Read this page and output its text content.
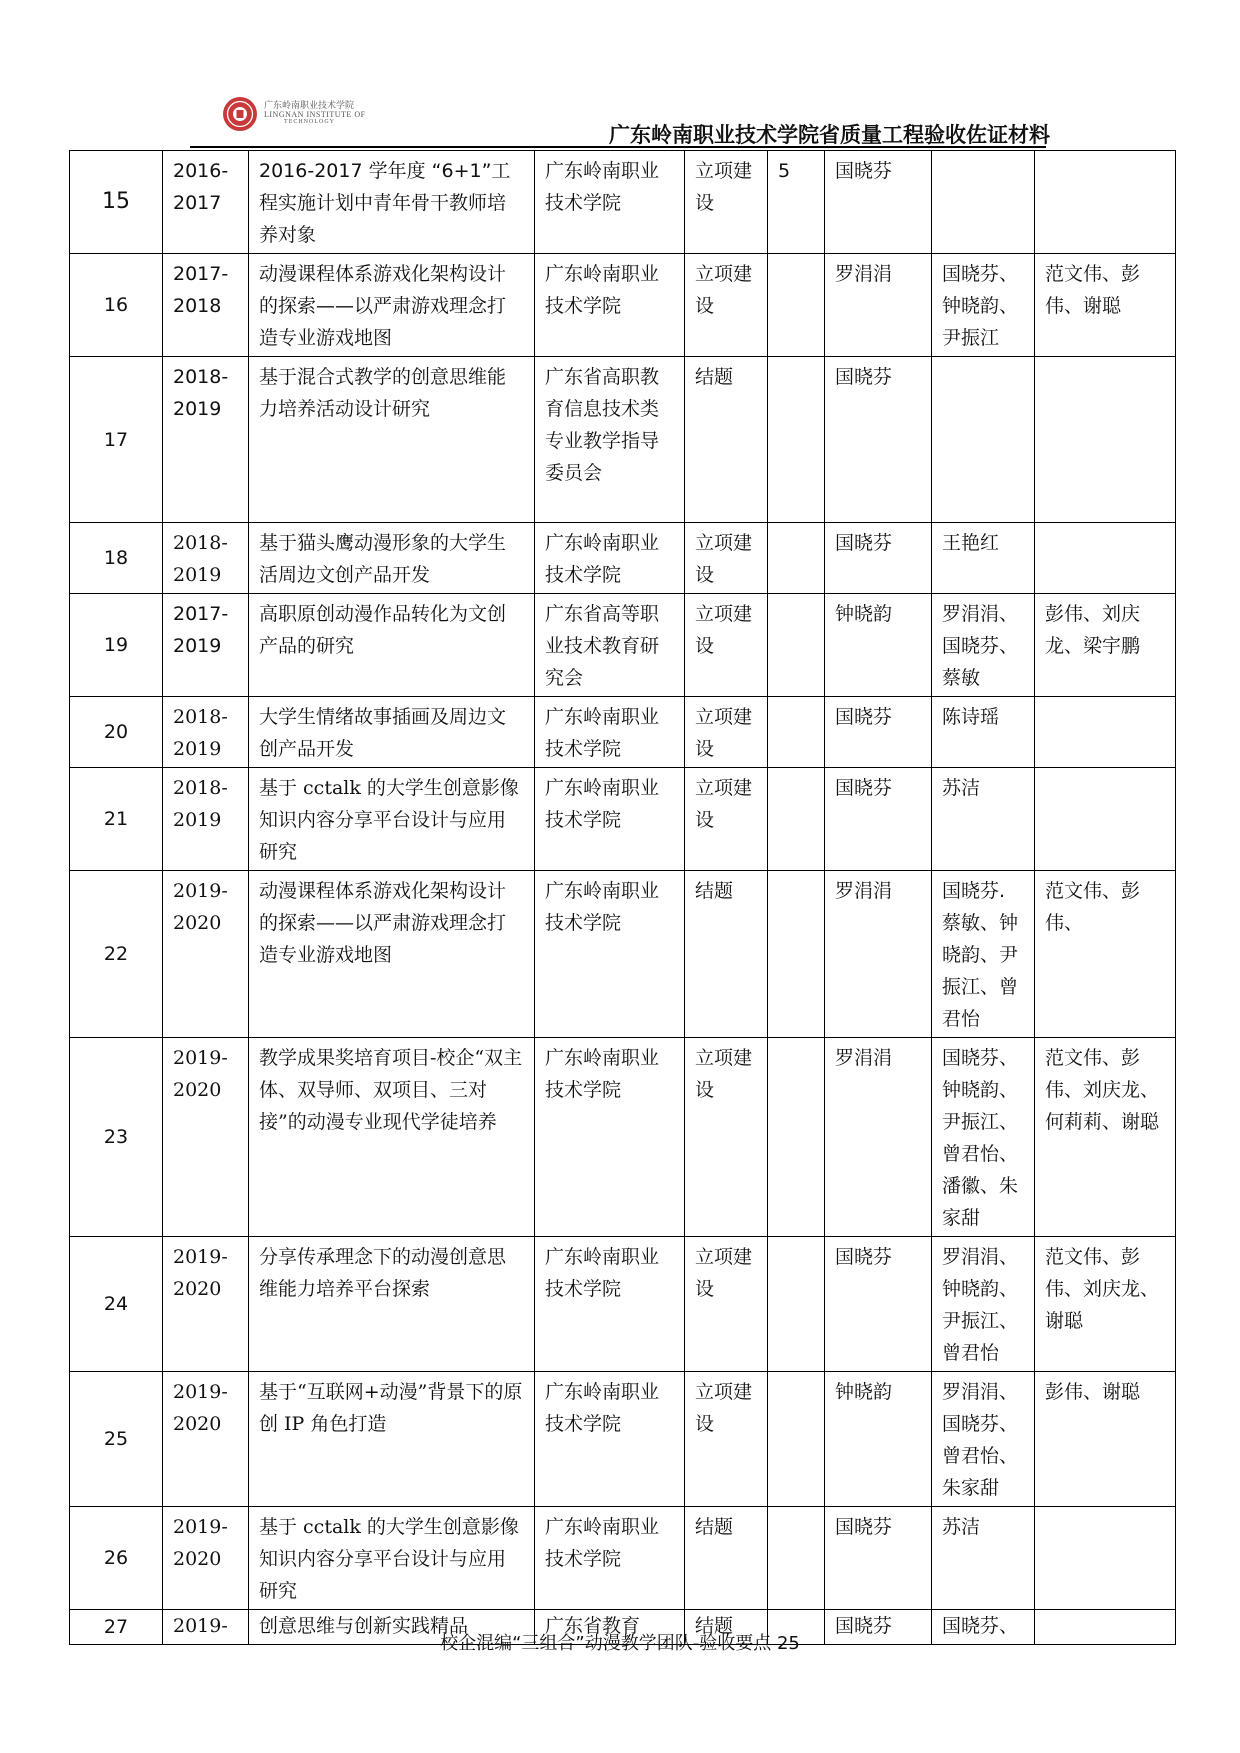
广东岭南职业技术学院
LINGNAN INSTITUTE OF
TECHNOLOGY
广东岭南职业技术学院省质量工程验收佐证材料
15	2016-2017	2016-2017 学年度 “6+1”工程实施计划中青年骨干教师培养对象	广东岭南职业技术学院	立项建设	5	国晓芬		
16	2017-2018	动漫课程体系游戏化架构设计的探索——以严肃游戏理念打造专业游戏地图	广东岭南职业技术学院	立项建设		罗涓涓	国晓芬、钟晓韵、尹振江	范文伟、彭伟、谢聪
17	2018-2019	基于混合式教学的创意思维能力培养活动设计研究	广东省高职教育信息技术类专业教学指导委员会	结题		国晓芬		
18	2018-2019	基于猫头鹰动漫形象的大学生活周边文创产品开发	广东岭南职业技术学院	立项建设		国晓芬	王艳红	
19	2017-2019	高职原创动漫作品转化为文创产品的研究	广东省高等职业技术教育研究会	立项建设		钟晓韵	罗涓涓、国晓芬、蔡敏	彭伟、刘庆龙、梁宇鹏
20	2018-2019	大学生情绪故事插画及周边文创产品开发	广东岭南职业技术学院	立项建设		国晓芬	陈诗瑶	
21	2018-2019	基于 cctalk 的大学生创意影像知识内容分享平台设计与应用研究	广东岭南职业技术学院	立项建设		国晓芬	苏洁	
22	2019-2020	动漫课程体系游戏化架构设计的探索——以严肃游戏理念打造专业游戏地图	广东岭南职业技术学院	结题		罗涓涓	国晓芬.蔡敏、钟晓韵、尹振江、曾君怡	范文伟、彭伟、
23	2019-2020	教学成果奖培育项目-校企“双主体、双导师、双项目、三对接”的动漫专业现代学徒培养	广东岭南职业技术学院	立项建设		罗涓涓	国晓芬、钟晓韵、尹振江、曾君怡、潘徽、朱家甜	范文伟、彭伟、刘庆龙、何莉莉、谢聪
24	2019-2020	分享传承理念下的动漫创意思维能力培养平台探索	广东岭南职业技术学院	立项建设		国晓芬	罗涓涓、钟晓韵、尹振江、曾君怡	范文伟、彭伟、刘庆龙、谢聪
25	2019-2020	基于“互联网+动漫”背景下的原创 IP 角色打造	广东岭南职业技术学院	立项建设		钟晓韵	罗涓涓、国晓芬、曾君怡、朱家甜	彭伟、谢聪
26	2019-2020	基于 cctalk 的大学生创意影像知识内容分享平台设计与应用研究	广东岭南职业技术学院	结题		国晓芬	苏洁	
27	2019-	创意思维与创新实践精品	广东省教育	结题		国晓芬	国晓芬、	
校企混编“三组合”动漫教学团队-验收要点 25
